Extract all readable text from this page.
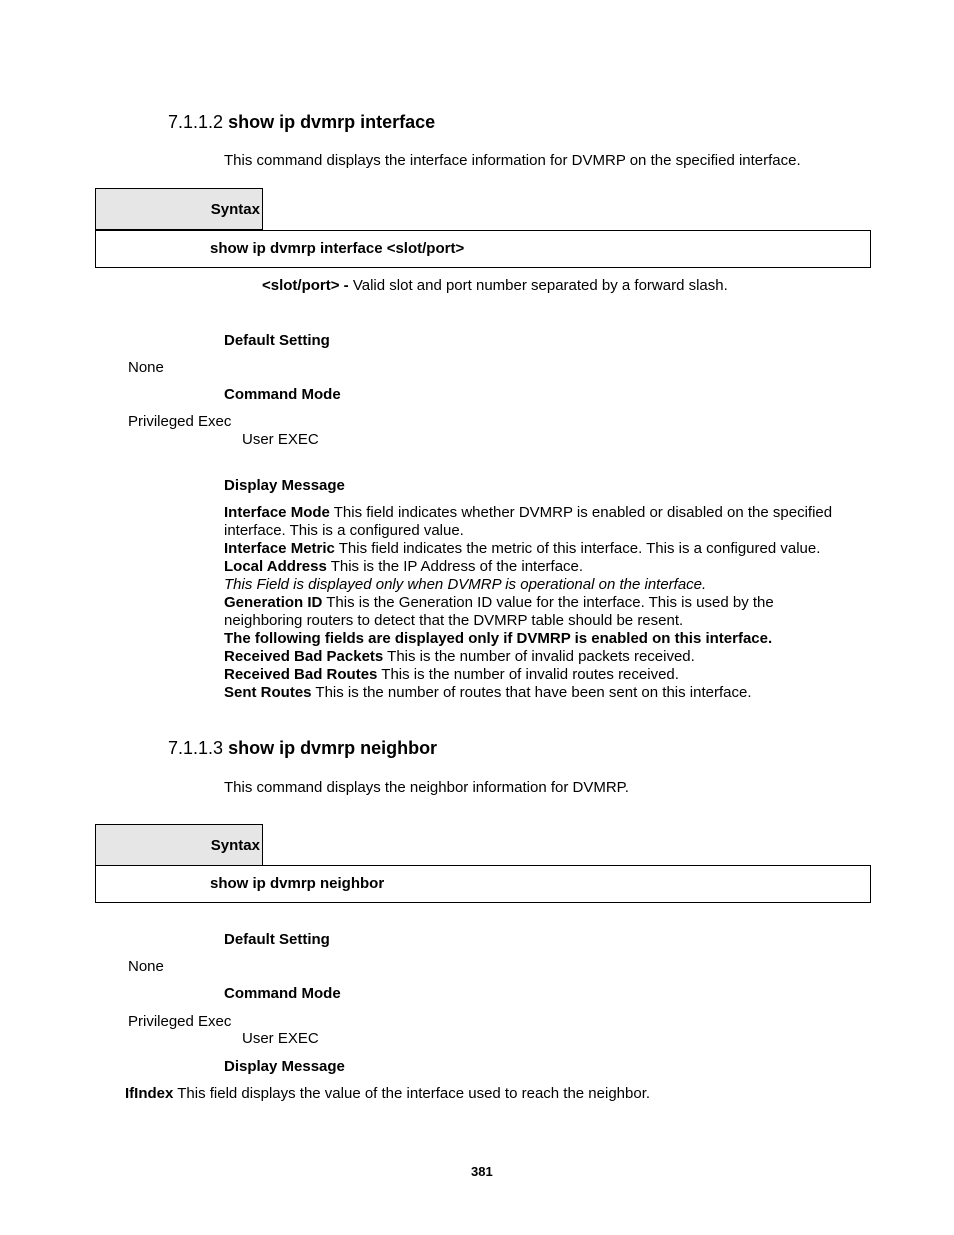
7.1.1.2 show ip dvmrp interface
This command displays the interface information for DVMRP on the specified interface.
Syntax
show ip dvmrp interface <slot/port>
<slot/port> - Valid slot and port number separated by a forward slash.
Default Setting
None
Command Mode
Privileged Exec
User EXEC
Display Message
Interface Mode This field indicates whether DVMRP is enabled or disabled on the specified interface. This is a configured value.
Interface Metric This field indicates the metric of this interface. This is a configured value.
Local Address This is the IP Address of the interface.
This Field is displayed only when DVMRP is operational on the interface.
Generation ID This is the Generation ID value for the interface. This is used by the neighboring routers to detect that the DVMRP table should be resent.
The following fields are displayed only if DVMRP is enabled on this interface.
Received Bad Packets This is the number of invalid packets received.
Received Bad Routes This is the number of invalid routes received.
Sent Routes This is the number of routes that have been sent on this interface.
7.1.1.3 show ip dvmrp neighbor
This command displays the neighbor information for DVMRP.
Syntax
show ip dvmrp neighbor
Default Setting
None
Command Mode
Privileged Exec
User EXEC
Display Message
IfIndex This field displays the value of the interface used to reach the neighbor.
381
